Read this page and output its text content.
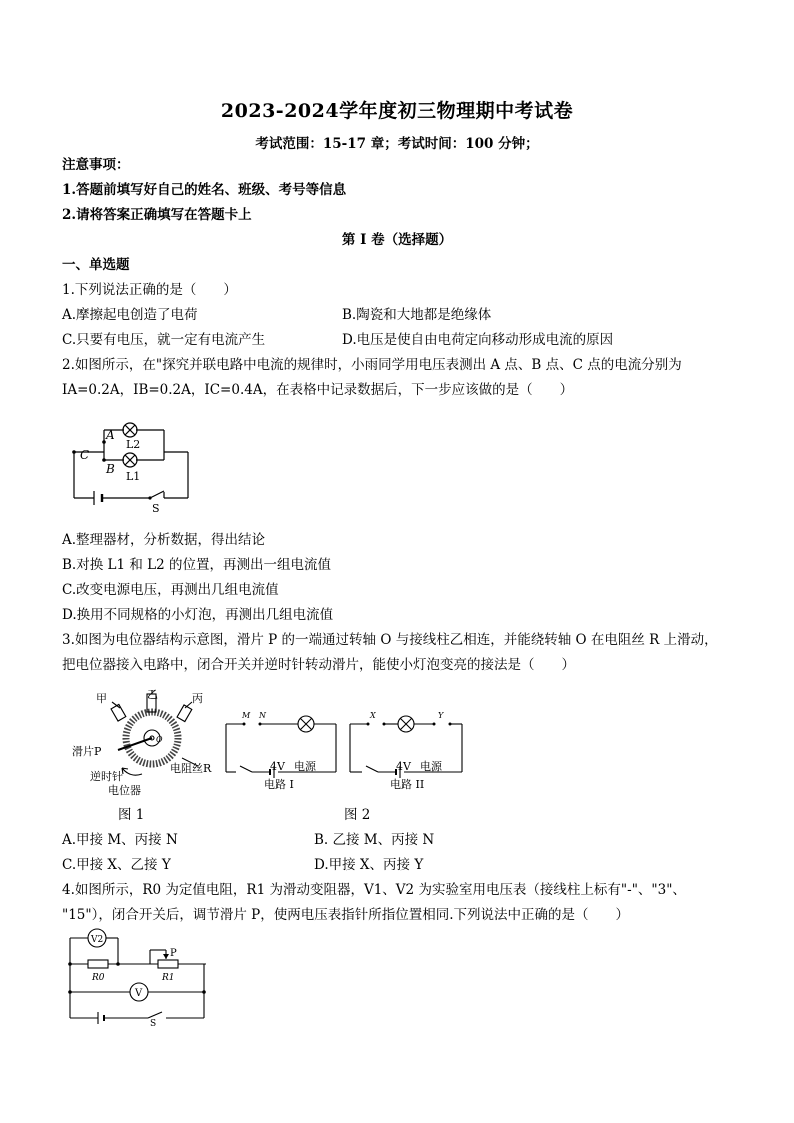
2023-2024学年度初三物理期中考试卷
考试范围：15-17 章；考试时间：100 分钟；
注意事项：
1.答题前填写好自己的姓名、班级、考号等信息
2.请将答案正确填写在答题卡上
第 I 卷（选择题）
一、单选题
1.下列说法正确的是（　　）
A.摩擦起电创造了电荷	B.陶瓷和大地都是绝缘体
C.只要有电压，就一定有电流产生	D.电压是使自由电荷定向移动形成电流的原因
2.如图所示，在"探究并联电路中电流的规律时，小雨同学用电压表测出 A 点、B 点、C 点的电流分别为
IA=0.2A，IB=0.2A，IC=0.4A，在表格中记录数据后，下一步应该做的是（　　）
A
B
C
L2
L1
S
A.整理器材，分析数据，得出结论
B.对换 L1 和 L2 的位置，再测出一组电流值
C.改变电源电压，再测出几组电流值
D.换用不同规格的小灯泡，再测出几组电流值
3.如图为电位器结构示意图，滑片 P 的一端通过转轴 O 与接线柱乙相连，并能绕转轴 O 在电阻丝 R 上滑动，
把电位器接入电路中，闭合开关并逆时针转动滑片，能使小灯泡变亮的接法是（　　）
甲	乙	丙
O
滑片P
电阻丝R
逆时针
电位器
M N	X	Y
4V 电源
电路 I
4V 电源
电路 II
图 1	图 2
A.甲接 M、丙接 N	B. 乙接 M、丙接 N
C.甲接 X、乙接 Y	D.甲接 X、丙接 Y
4.如图所示，R0 为定值电阻，R1 为滑动变阻器，V1、V2 为实验室用电压表（接线柱上标有"-"、"3"、
"15"），闭合开关后，调节滑片 P，使两电压表指针所指位置相同.下列说法中正确的是（　　）
V2
V
P
R0	R1
S
